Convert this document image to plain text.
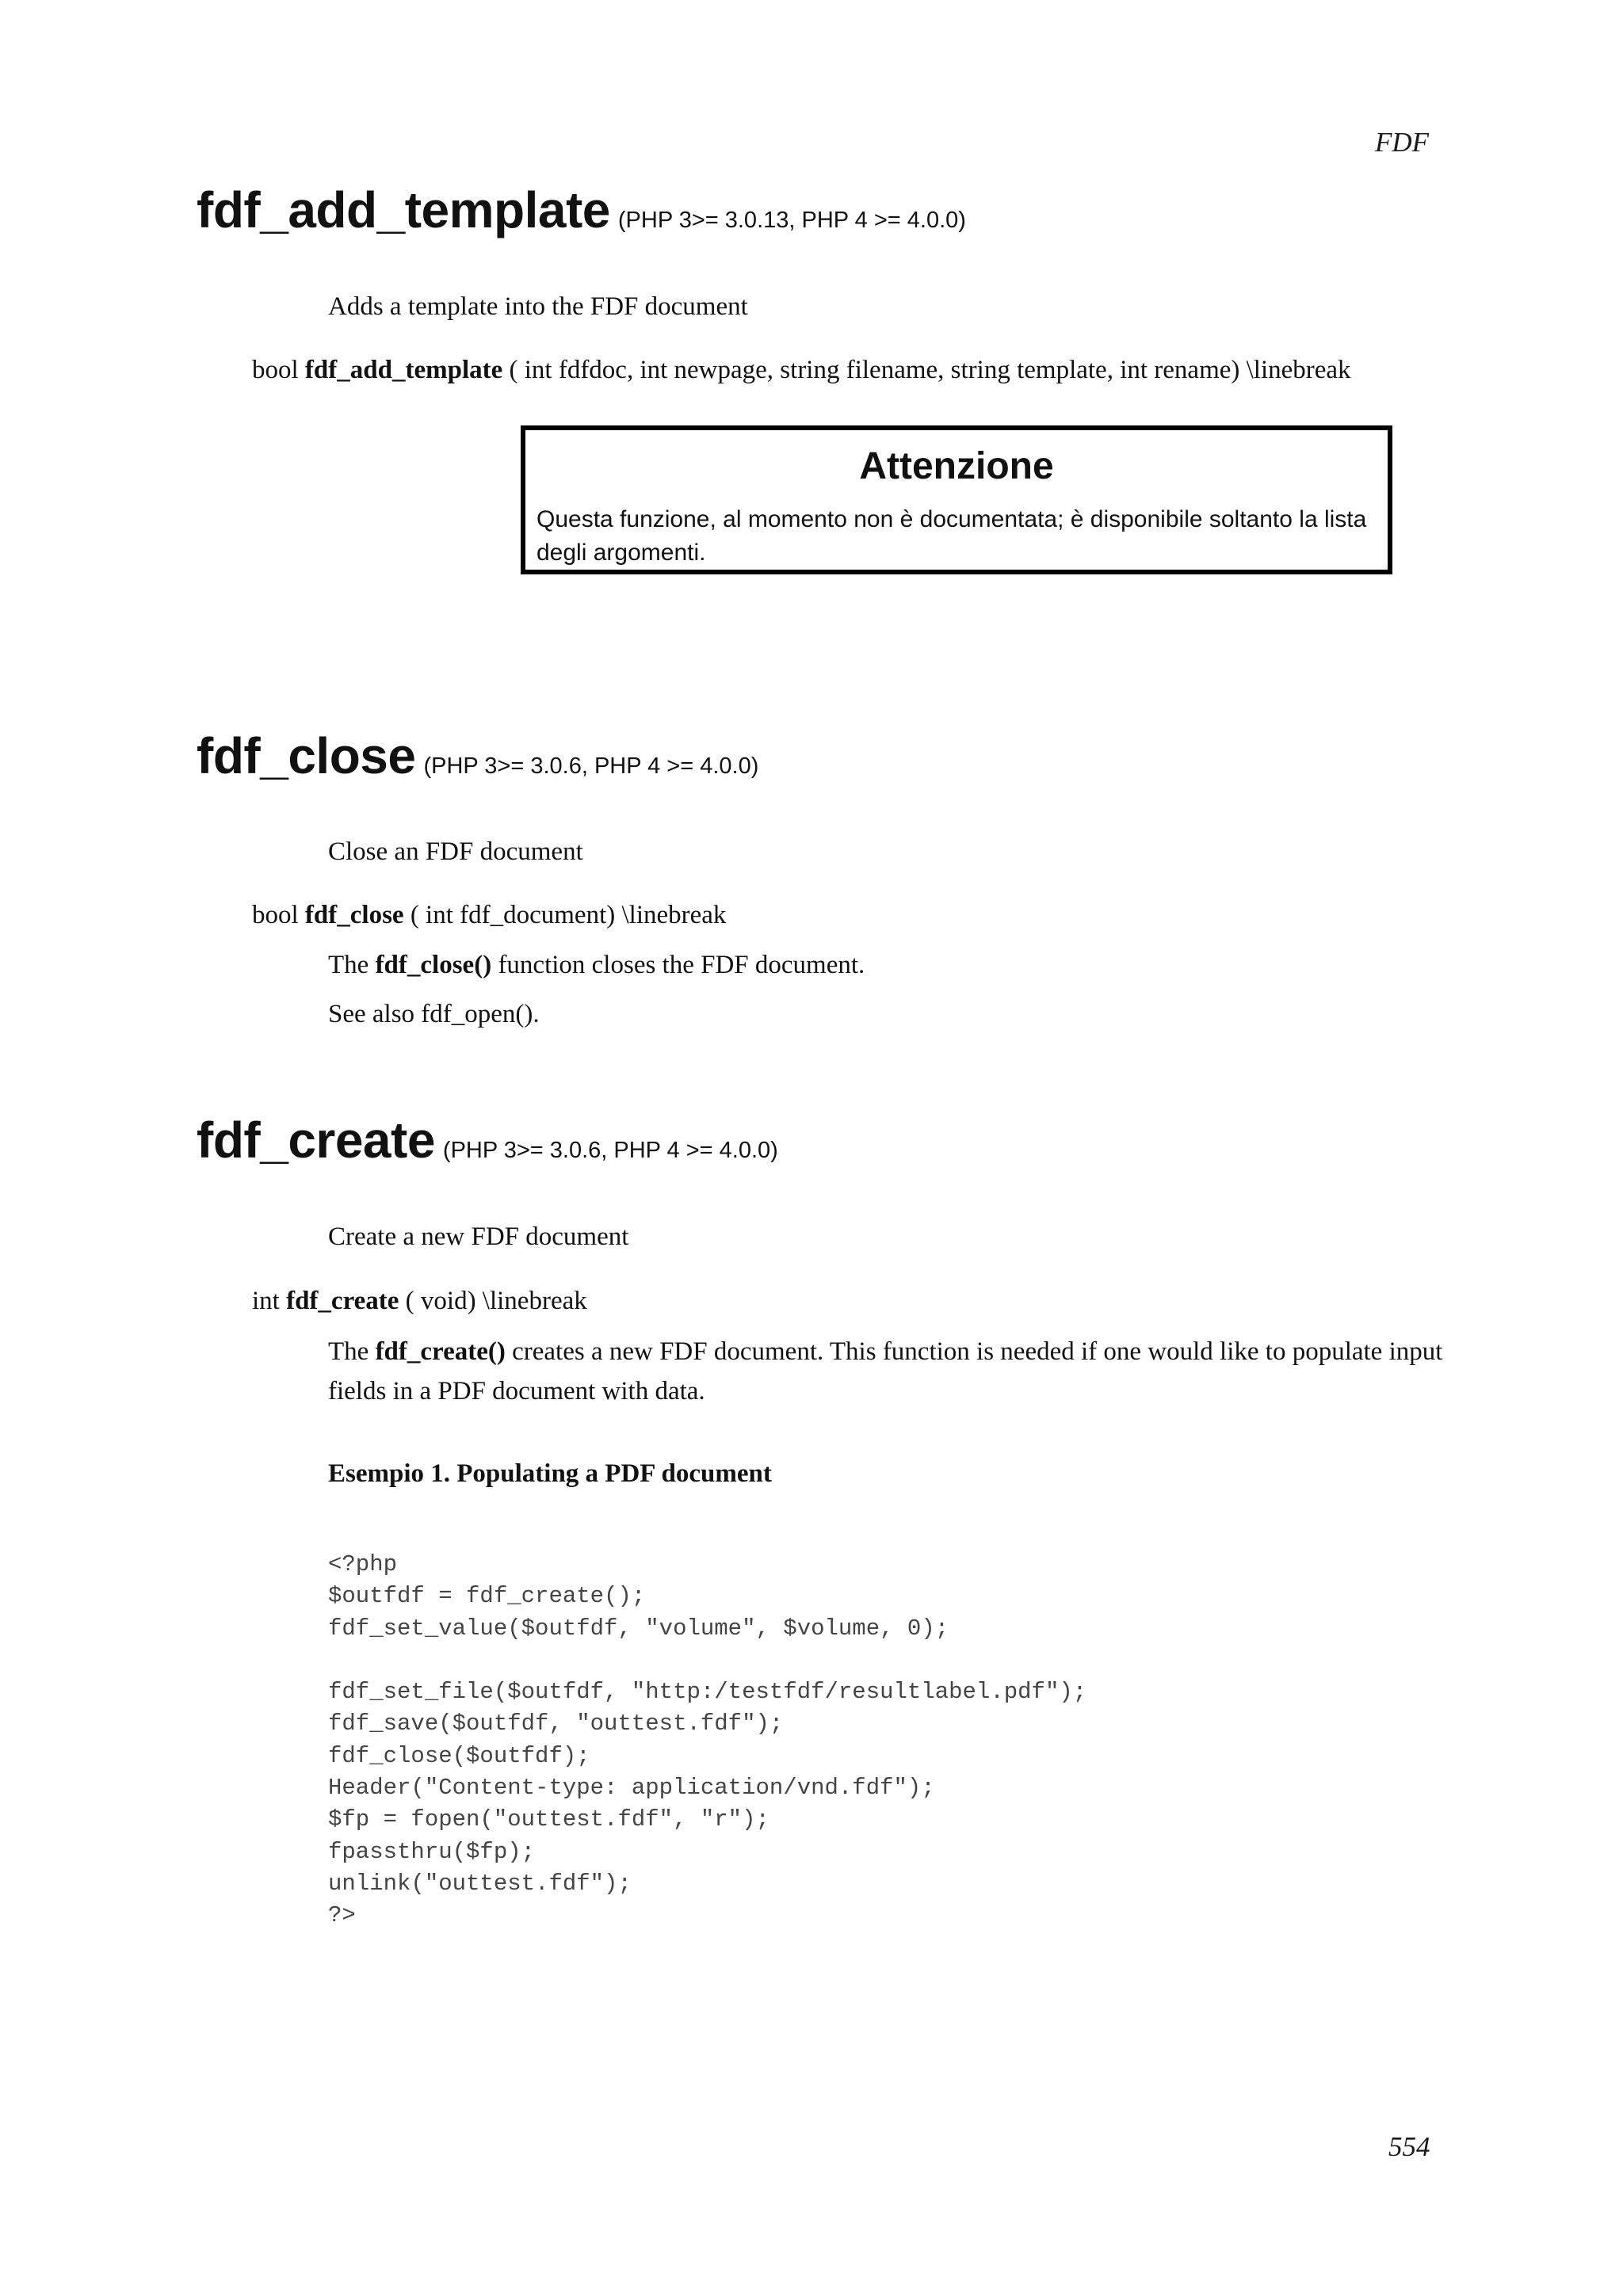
FDF
554
fdf_add_template (PHP 3>= 3.0.13, PHP 4 >= 4.0.0)
Adds a template into the FDF document
bool fdf_add_template ( int fdfdoc, int newpage, string filename, string template, int rename) \linebreak
Attenzione
Questa funzione, al momento non è documentata; è disponibile soltanto la lista degli argomenti.
fdf_close (PHP 3>= 3.0.6, PHP 4 >= 4.0.0)
Close an FDF document
bool fdf_close ( int fdf_document) \linebreak
The fdf_close() function closes the FDF document.
See also fdf_open().
fdf_create (PHP 3>= 3.0.6, PHP 4 >= 4.0.0)
Create a new FDF document
int fdf_create ( void) \linebreak
The fdf_create() creates a new FDF document. This function is needed if one would like to populate input fields in a PDF document with data.
Esempio 1. Populating a PDF document
<?php
$outfdf = fdf_create();
fdf_set_value($outfdf, "volume", $volume, 0);

fdf_set_file($outfdf, "http:/testfdf/resultlabel.pdf");
fdf_save($outfdf, "outtest.fdf");
fdf_close($outfdf);
Header("Content-type: application/vnd.fdf");
$fp = fopen("outtest.fdf", "r");
fpassthru($fp);
unlink("outtest.fdf");
?>
